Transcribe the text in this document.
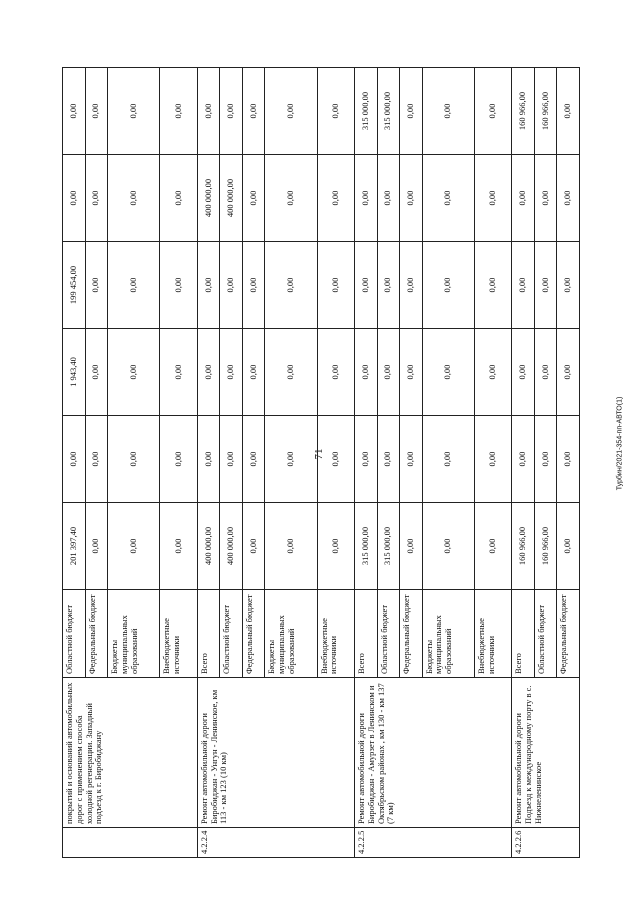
71
	покрытий и оснований автомобильных дорог с применением способа холодной регенерации. Западный подъезд к г. Биробиджану	Областной бюджет	201 397,40	0,00	1 943,40	199 454,00	0,00	0,00
		Федеральный бюджет	0,00	0,00	0,00	0,00	0,00	0,00
		Бюджеты муниципальных образований	0,00	0,00	0,00	0,00	0,00	0,00
		Внебюджетные источники	0,00	0,00	0,00	0,00	0,00	0,00
4.2.2.4	Ремонт автомобильной дороги Биробиджан - Унгун - Ленинское, км 113 - км 123 (10 км)	Всего	400 000,00	0,00	0,00	0,00	400 000,00	0,00
		Областной бюджет	400 000,00	0,00	0,00	0,00	400 000,00	0,00
		Федеральный бюджет	0,00	0,00	0,00	0,00	0,00	0,00
		Бюджеты муниципальных образований	0,00	0,00	0,00	0,00	0,00	0,00
		Внебюджетные источники	0,00	0,00	0,00	0,00	0,00	0,00
4.2.2.5	Ремонт автомобильной дороги Биробиджан - Амурзет в Ленинском и Октябрьском районах , км 130 - км 137 (7 км)	Всего	315 000,00	0,00	0,00	0,00	0,00	315 000,00
		Областной бюджет	315 000,00	0,00	0,00	0,00	0,00	315 000,00
		Федеральный бюджет	0,00	0,00	0,00	0,00	0,00	0,00
		Бюджеты муниципальных образований	0,00	0,00	0,00	0,00	0,00	0,00
		Внебюджетные источники	0,00	0,00	0,00	0,00	0,00	0,00
4.2.2.6	Ремонт автомобильной дороги Подъезд к международному порту в с. Нижнеленинское	Всего	160 966,00	0,00	0,00	0,00	0,00	160 966,00
		Областной бюджет	160 966,00	0,00	0,00	0,00	0,00	160 966,00
		Федеральный бюджет	0,00	0,00	0,00	0,00	0,00	0,00
Турбин/2021-354-пп-АВТО(1)
